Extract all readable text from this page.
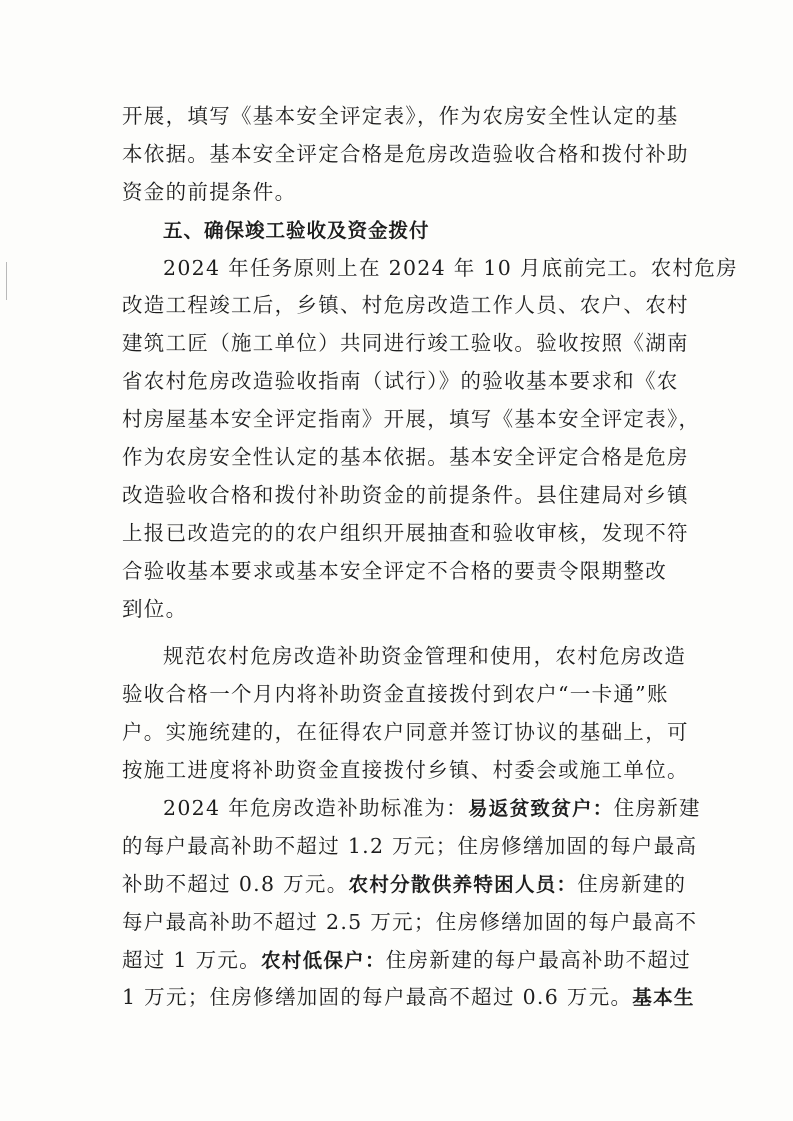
开展，填写《基本安全评定表》，作为农房安全性认定的基
本依据。基本安全评定合格是危房改造验收合格和拨付补助
资金的前提条件。
五、确保竣工验收及资金拨付
2024 年任务原则上在 2024 年 10 月底前完工。农村危房
改造工程竣工后，乡镇、村危房改造工作人员、农户、农村
建筑工匠（施工单位）共同进行竣工验收。验收按照《湖南
省农村危房改造验收指南（试行）》的验收基本要求和《农
村房屋基本安全评定指南》开展，填写《基本安全评定表》，
作为农房安全性认定的基本依据。基本安全评定合格是危房
改造验收合格和拨付补助资金的前提条件。县住建局对乡镇
上报已改造完的的农户组织开展抽查和验收审核，发现不符
合验收基本要求或基本安全评定不合格的要责令限期整改
到位。
规范农村危房改造补助资金管理和使用，农村危房改造
验收合格一个月内将补助资金直接拨付到农户“一卡通”账
户。实施统建的，在征得农户同意并签订协议的基础上，可
按施工进度将补助资金直接拨付乡镇、村委会或施工单位。
2024 年危房改造补助标准为：易返贫致贫户：住房新建
的每户最高补助不超过 1.2 万元；住房修缮加固的每户最高
补助不超过 0.8 万元。农村分散供养特困人员：住房新建的
每户最高补助不超过 2.5 万元；住房修缮加固的每户最高不
超过 1 万元。农村低保户：住房新建的每户最高补助不超过
1 万元；住房修缮加固的每户最高不超过 0.6 万元。基本生
